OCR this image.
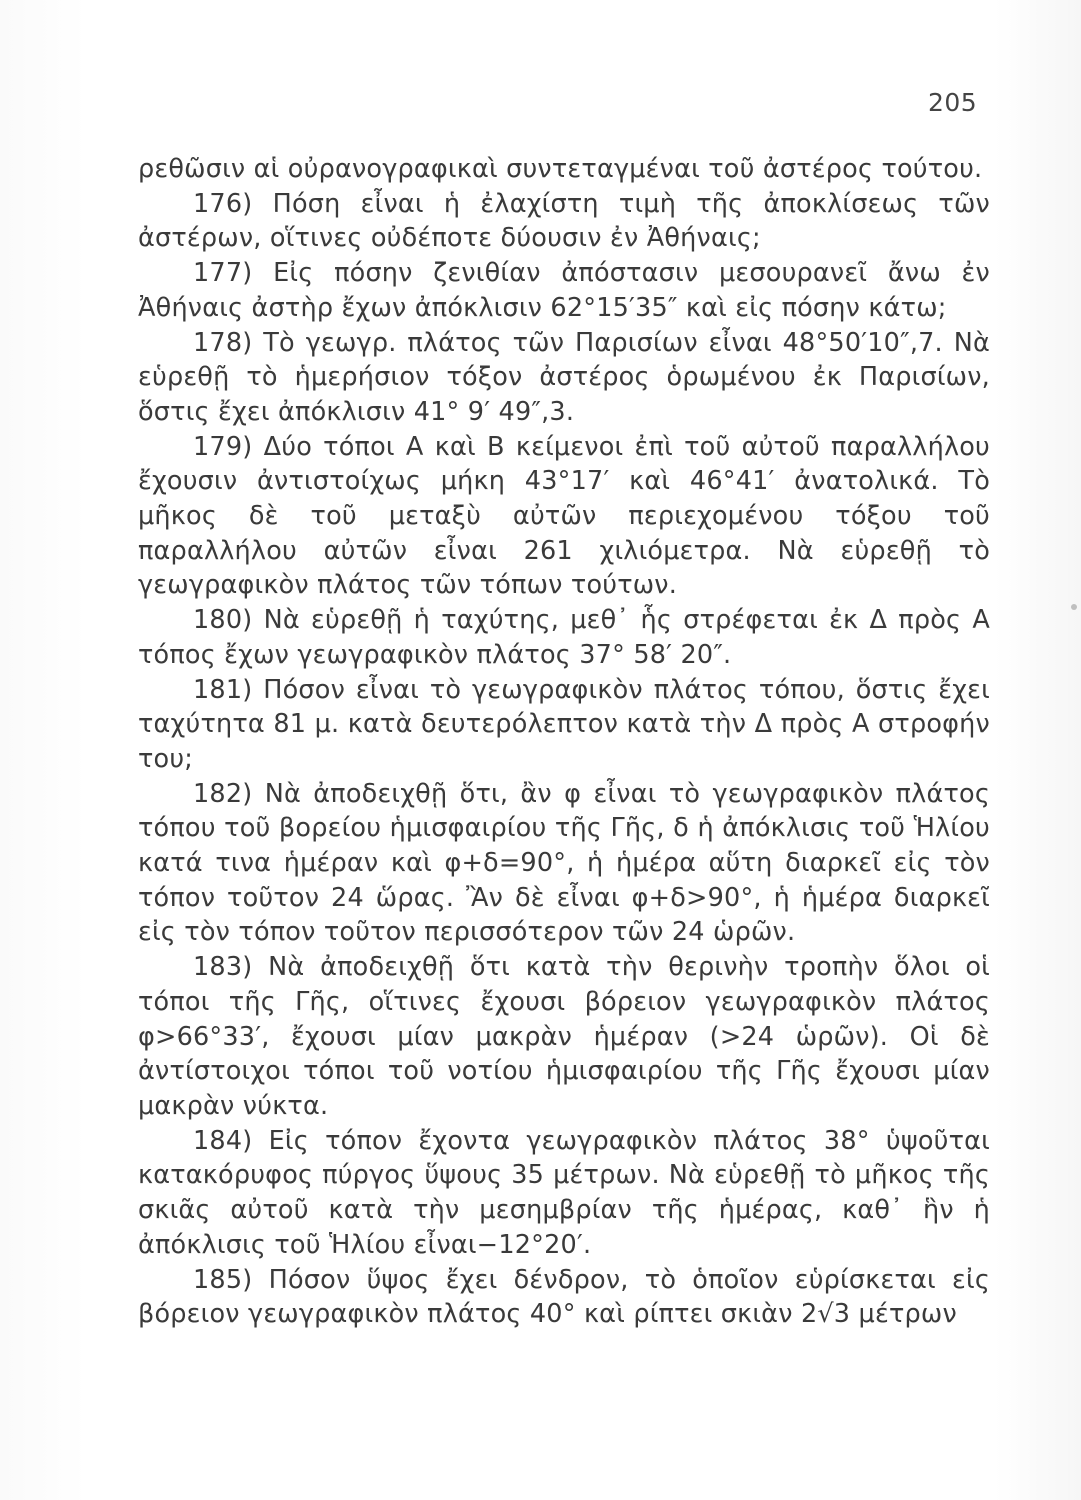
205

ρεθῶσιν αἱ οὐρανογραφικαὶ συντεταγμέναι τοῦ ἀστέρος τούτου.

176) Πόση εἶναι ἡ ἐλαχίστη τιμὴ τῆς ἀποκλίσεως τῶν ἀστέρων, οἵτινες οὐδέποτε δύουσιν ἐν Ἀθήναις;

177) Εἰς πόσην ζενιθίαν ἀπόστασιν μεσουρανεῖ ἄνω ἐν Ἀθήναις ἀστὴρ ἔχων ἀπόκλισιν 62°15′35″ καὶ εἰς πόσην κάτω;

178) Τὸ γεωγρ. πλάτος τῶν Παρισίων εἶναι 48°50′10″,7. Νὰ εὑρεθῇ τὸ ἡμερήσιον τόξον ἀστέρος ὁρωμένου ἐκ Παρισίων, ὅστις ἔχει ἀπόκλισιν 41° 9′ 49″,3.

179) Δύο τόποι Α καὶ Β κείμενοι ἐπὶ τοῦ αὐτοῦ παραλλήλου ἔχουσιν ἀντιστοίχως μήκη 43°17′ καὶ 46°41′ ἀνατολικά. Τὸ μῆκος δὲ τοῦ μεταξὺ αὐτῶν περιεχομένου τόξου τοῦ παραλλήλου αὐτῶν εἶναι 261 χιλιόμετρα. Νὰ εὑρεθῇ τὸ γεωγραφικὸν πλάτος τῶν τόπων τούτων.

180) Νὰ εὑρεθῇ ἡ ταχύτης, μεθ᾽ ἧς στρέφεται ἐκ Δ πρὸς Α τόπος ἔχων γεωγραφικὸν πλάτος 37° 58′ 20″.

181) Πόσον εἶναι τὸ γεωγραφικὸν πλάτος τόπου, ὅστις ἔχει ταχύτητα 81 μ. κατὰ δευτερόλεπτον κατὰ τὴν Δ πρὸς Α στροφήν του;

182) Νὰ ἀποδειχθῇ ὅτι, ἂν φ εἶναι τὸ γεωγραφικὸν πλάτος τόπου τοῦ βορείου ἡμισφαιρίου τῆς Γῆς, δ ἡ ἀπόκλισις τοῦ Ἡλίου κατά τινα ἡμέραν καὶ φ+δ=90°, ἡ ἡμέρα αὕτη διαρκεῖ εἰς τὸν τόπον τοῦτον 24 ὥρας. Ἂν δὲ εἶναι φ+δ>90°, ἡ ἡμέρα διαρκεῖ εἰς τὸν τόπον τοῦτον περισσότερον τῶν 24 ὡρῶν.

183) Νὰ ἀποδειχθῇ ὅτι κατὰ τὴν θερινὴν τροπὴν ὅλοι οἱ τόποι τῆς Γῆς, οἵτινες ἔχουσι βόρειον γεωγραφικὸν πλάτος φ>66°33′, ἔχουσι μίαν μακρὰν ἡμέραν (>24 ὡρῶν). Οἱ δὲ ἀντίστοιχοι τόποι τοῦ νοτίου ἡμισφαιρίου τῆς Γῆς ἔχουσι μίαν μακρὰν νύκτα.

184) Εἰς τόπον ἔχοντα γεωγραφικὸν πλάτος 38° ὑψοῦται κατακόρυφος πύργος ὕψους 35 μέτρων. Νὰ εὑρεθῇ τὸ μῆκος τῆς σκιᾶς αὐτοῦ κατὰ τὴν μεσημβρίαν τῆς ἡμέρας, καθ᾽ ἣν ἡ ἀπόκλισις τοῦ Ἡλίου εἶναι−12°20′.

185) Πόσον ὕψος ἔχει δένδρον, τὸ ὁποῖον εὑρίσκεται εἰς βόρειον γεωγραφικὸν πλάτος 40° καὶ ρίπτει σκιὰν 2√3 μέτρων
